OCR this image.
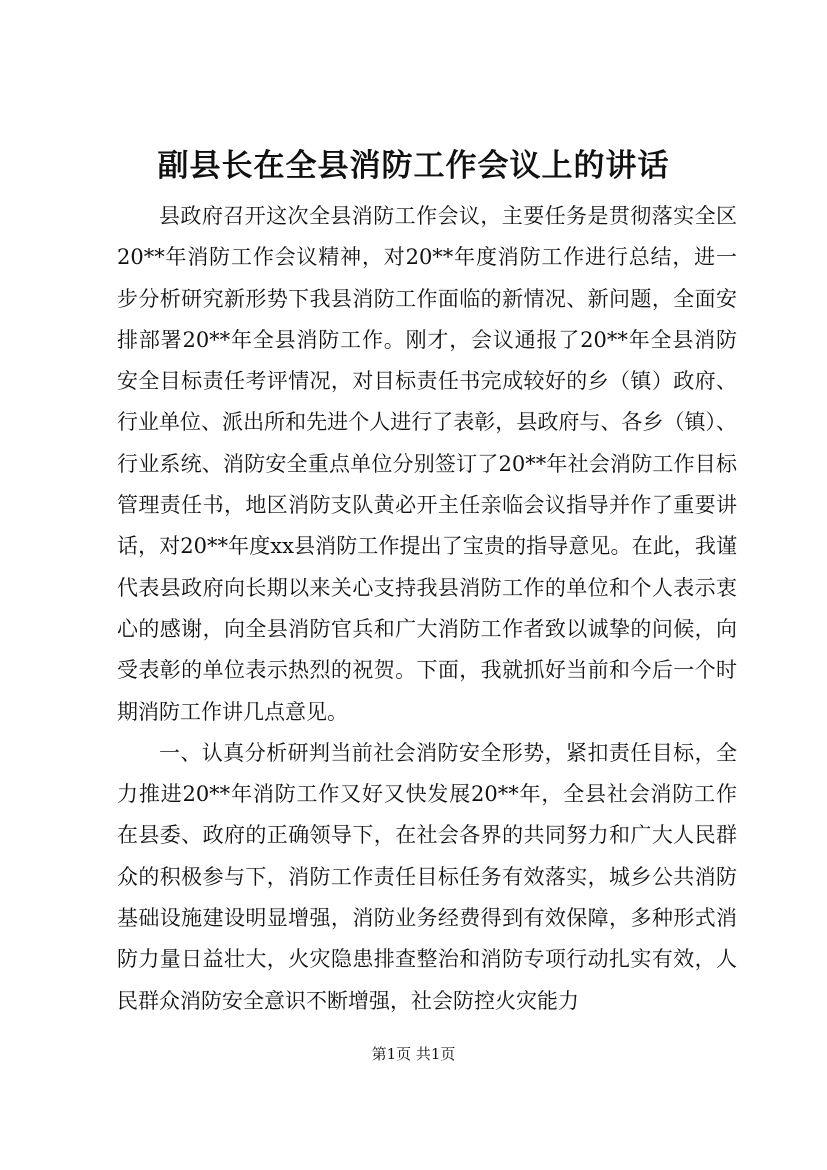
副县长在全县消防工作会议上的讲话

县政府召开这次全县消防工作会议，主要任务是贯彻落实全区20**年消防工作会议精神，对20**年度消防工作进行总结，进一步分析研究新形势下我县消防工作面临的新情况、新问题，全面安排部署20**年全县消防工作。刚才，会议通报了20**年全县消防安全目标责任考评情况，对目标责任书完成较好的乡（镇）政府、行业单位、派出所和先进个人进行了表彰，县政府与、各乡（镇）、行业系统、消防安全重点单位分别签订了20**年社会消防工作目标管理责任书，地区消防支队黄必开主任亲临会议指导并作了重要讲话，对20**年度xx县消防工作提出了宝贵的指导意见。在此，我谨代表县政府向长期以来关心支持我县消防工作的单位和个人表示衷心的感谢，向全县消防官兵和广大消防工作者致以诚挚的问候，向受表彰的单位表示热烈的祝贺。下面，我就抓好当前和今后一个时期消防工作讲几点意见。

一、认真分析研判当前社会消防安全形势，紧扣责任目标，全力推进20**年消防工作又好又快发展20**年，全县社会消防工作在县委、政府的正确领导下，在社会各界的共同努力和广大人民群众的积极参与下，消防工作责任目标任务有效落实，城乡公共消防基础设施建设明显增强，消防业务经费得到有效保障，多种形式消防力量日益壮大，火灾隐患排查整治和消防专项行动扎实有效，人民群众消防安全意识不断增强，社会防控火灾能力

第1页 共1页
